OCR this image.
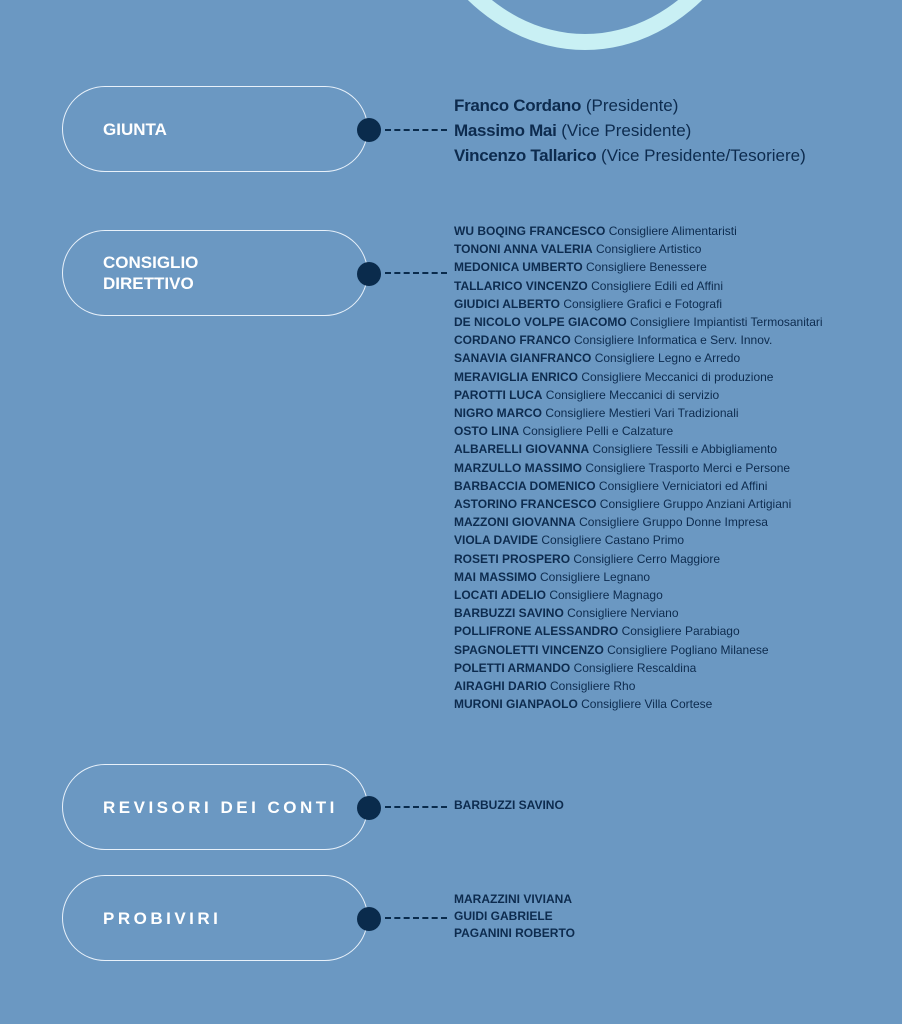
GIUNTA
Franco Cordano (Presidente)
Massimo Mai (Vice Presidente)
Vincenzo Tallarico (Vice Presidente/Tesoriere)
CONSIGLIO
DIRETTIVO
WU BOQING FRANCESCO Consigliere Alimentaristi
TONONI ANNA VALERIA Consigliere Artistico
MEDONICA UMBERTO Consigliere Benessere
TALLARICO VINCENZO Consigliere Edili ed Affini
GIUDICI ALBERTO Consigliere Grafici e Fotografi
DE NICOLO VOLPE GIACOMO Consigliere Impiantisti Termosanitari
CORDANO FRANCO Consigliere Informatica e Serv. Innov.
SANAVIA GIANFRANCO Consigliere Legno e Arredo
MERAVIGLIA ENRICO Consigliere Meccanici di produzione
PAROTTI LUCA Consigliere Meccanici di servizio
NIGRO MARCO Consigliere Mestieri Vari Tradizionali
OSTO LINA Consigliere Pelli e Calzature
ALBARELLI GIOVANNA Consigliere Tessili e Abbigliamento
MARZULLO MASSIMO Consigliere Trasporto Merci e Persone
BARBACCIA DOMENICO Consigliere Verniciatori ed Affini
ASTORINO FRANCESCO Consigliere Gruppo Anziani Artigiani
MAZZONI GIOVANNA Consigliere Gruppo Donne Impresa
VIOLA DAVIDE Consigliere Castano Primo
ROSETI PROSPERO Consigliere Cerro Maggiore
MAI MASSIMO Consigliere Legnano
LOCATI ADELIO Consigliere Magnago
BARBUZZI SAVINO Consigliere Nerviano
POLLIFRONE ALESSANDRO Consigliere Parabiago
SPAGNOLETTI VINCENZO Consigliere Pogliano Milanese
POLETTI ARMANDO Consigliere Rescaldina
AIRAGHI DARIO Consigliere Rho
MURONI GIANPAOLO Consigliere Villa Cortese
REVISORI DEI CONTI	BARBUZZI SAVINO
PROBIVIRI
MARAZZINI VIVIANA
GUIDI GABRIELE
PAGANINI ROBERTO
